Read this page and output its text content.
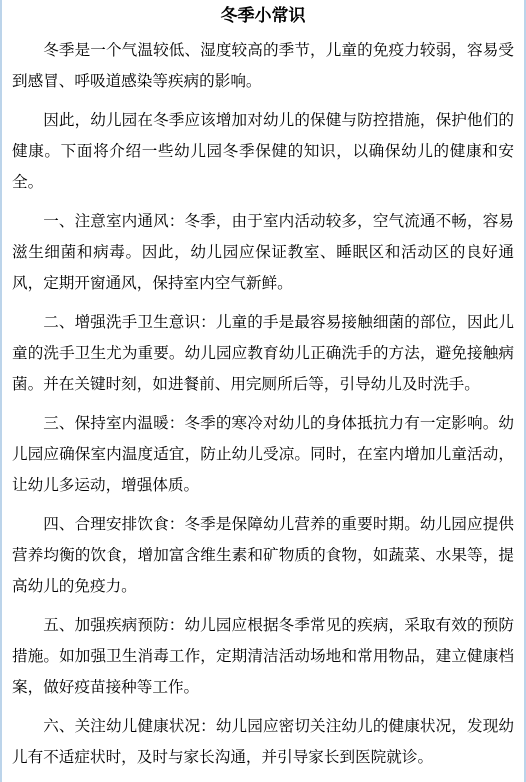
冬季小常识

冬季是一个气温较低、湿度较高的季节，儿童的免疫力较弱，容易受到感冒、呼吸道感染等疾病的影响。

因此，幼儿园在冬季应该增加对幼儿的保健与防控措施，保护他们的健康。下面将介绍一些幼儿园冬季保健的知识，以确保幼儿的健康和安全。

一、注意室内通风：冬季，由于室内活动较多，空气流通不畅，容易滋生细菌和病毒。因此，幼儿园应保证教室、睡眠区和活动区的良好通风，定期开窗通风，保持室内空气新鲜。

二、增强洗手卫生意识：儿童的手是最容易接触细菌的部位，因此儿童的洗手卫生尤为重要。幼儿园应教育幼儿正确洗手的方法，避免接触病菌。并在关键时刻，如进餐前、用完厕所后等，引导幼儿及时洗手。

三、保持室内温暖：冬季的寒冷对幼儿的身体抵抗力有一定影响。幼儿园应确保室内温度适宜，防止幼儿受凉。同时，在室内增加儿童活动，让幼儿多运动，增强体质。

四、合理安排饮食：冬季是保障幼儿营养的重要时期。幼儿园应提供营养均衡的饮食，增加富含维生素和矿物质的食物，如蔬菜、水果等，提高幼儿的免疫力。

五、加强疾病预防：幼儿园应根据冬季常见的疾病，采取有效的预防措施。如加强卫生消毒工作，定期清洁活动场地和常用物品，建立健康档案，做好疫苗接种等工作。

六、关注幼儿健康状况：幼儿园应密切关注幼儿的健康状况，发现幼儿有不适症状时，及时与家长沟通，并引导家长到医院就诊。
